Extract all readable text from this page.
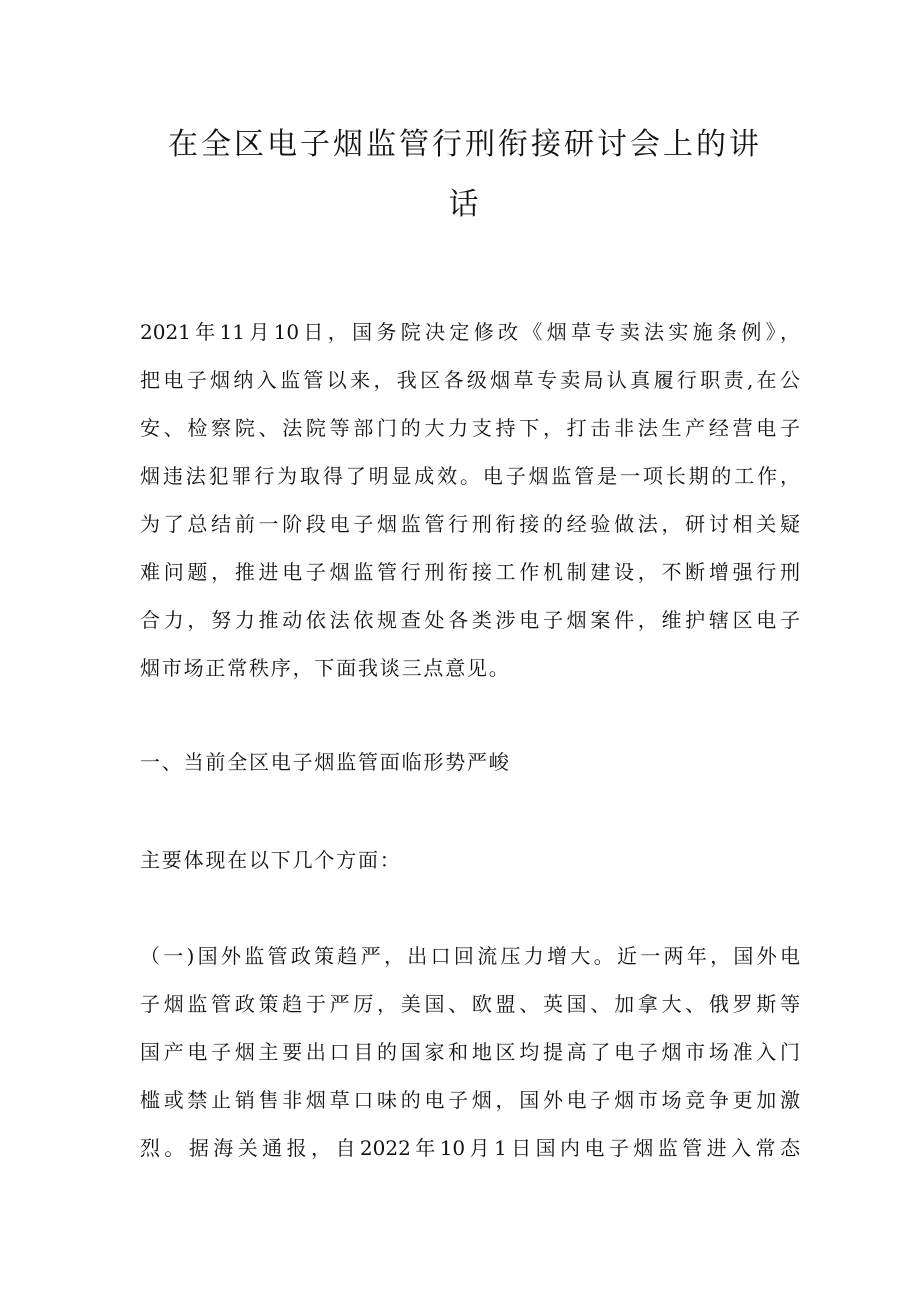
在全区电子烟监管行刑衔接研讨会上的讲
话
2021年11月10日，国务院决定修改《烟草专卖法实施条例》，
把电子烟纳入监管以来，我区各级烟草专卖局认真履行职责,在公
安、检察院、法院等部门的大力支持下，打击非法生产经营电子
烟违法犯罪行为取得了明显成效。电子烟监管是一项长期的工作，
为了总结前一阶段电子烟监管行刑衔接的经验做法，研讨相关疑
难问题，推进电子烟监管行刑衔接工作机制建设，不断增强行刑
合力，努力推动依法依规查处各类涉电子烟案件，维护辖区电子
烟市场正常秩序，下面我谈三点意见。
一、当前全区电子烟监管面临形势严峻
主要体现在以下几个方面：
（一)国外监管政策趋严，出口回流压力增大。近一两年，国外电
子烟监管政策趋于严厉，美国、欧盟、英国、加拿大、俄罗斯等
国产电子烟主要出口目的国家和地区均提高了电子烟市场准入门
槛或禁止销售非烟草口味的电子烟，国外电子烟市场竞争更加激
烈。据海关通报，自2022年10月1日国内电子烟监管进入常态
